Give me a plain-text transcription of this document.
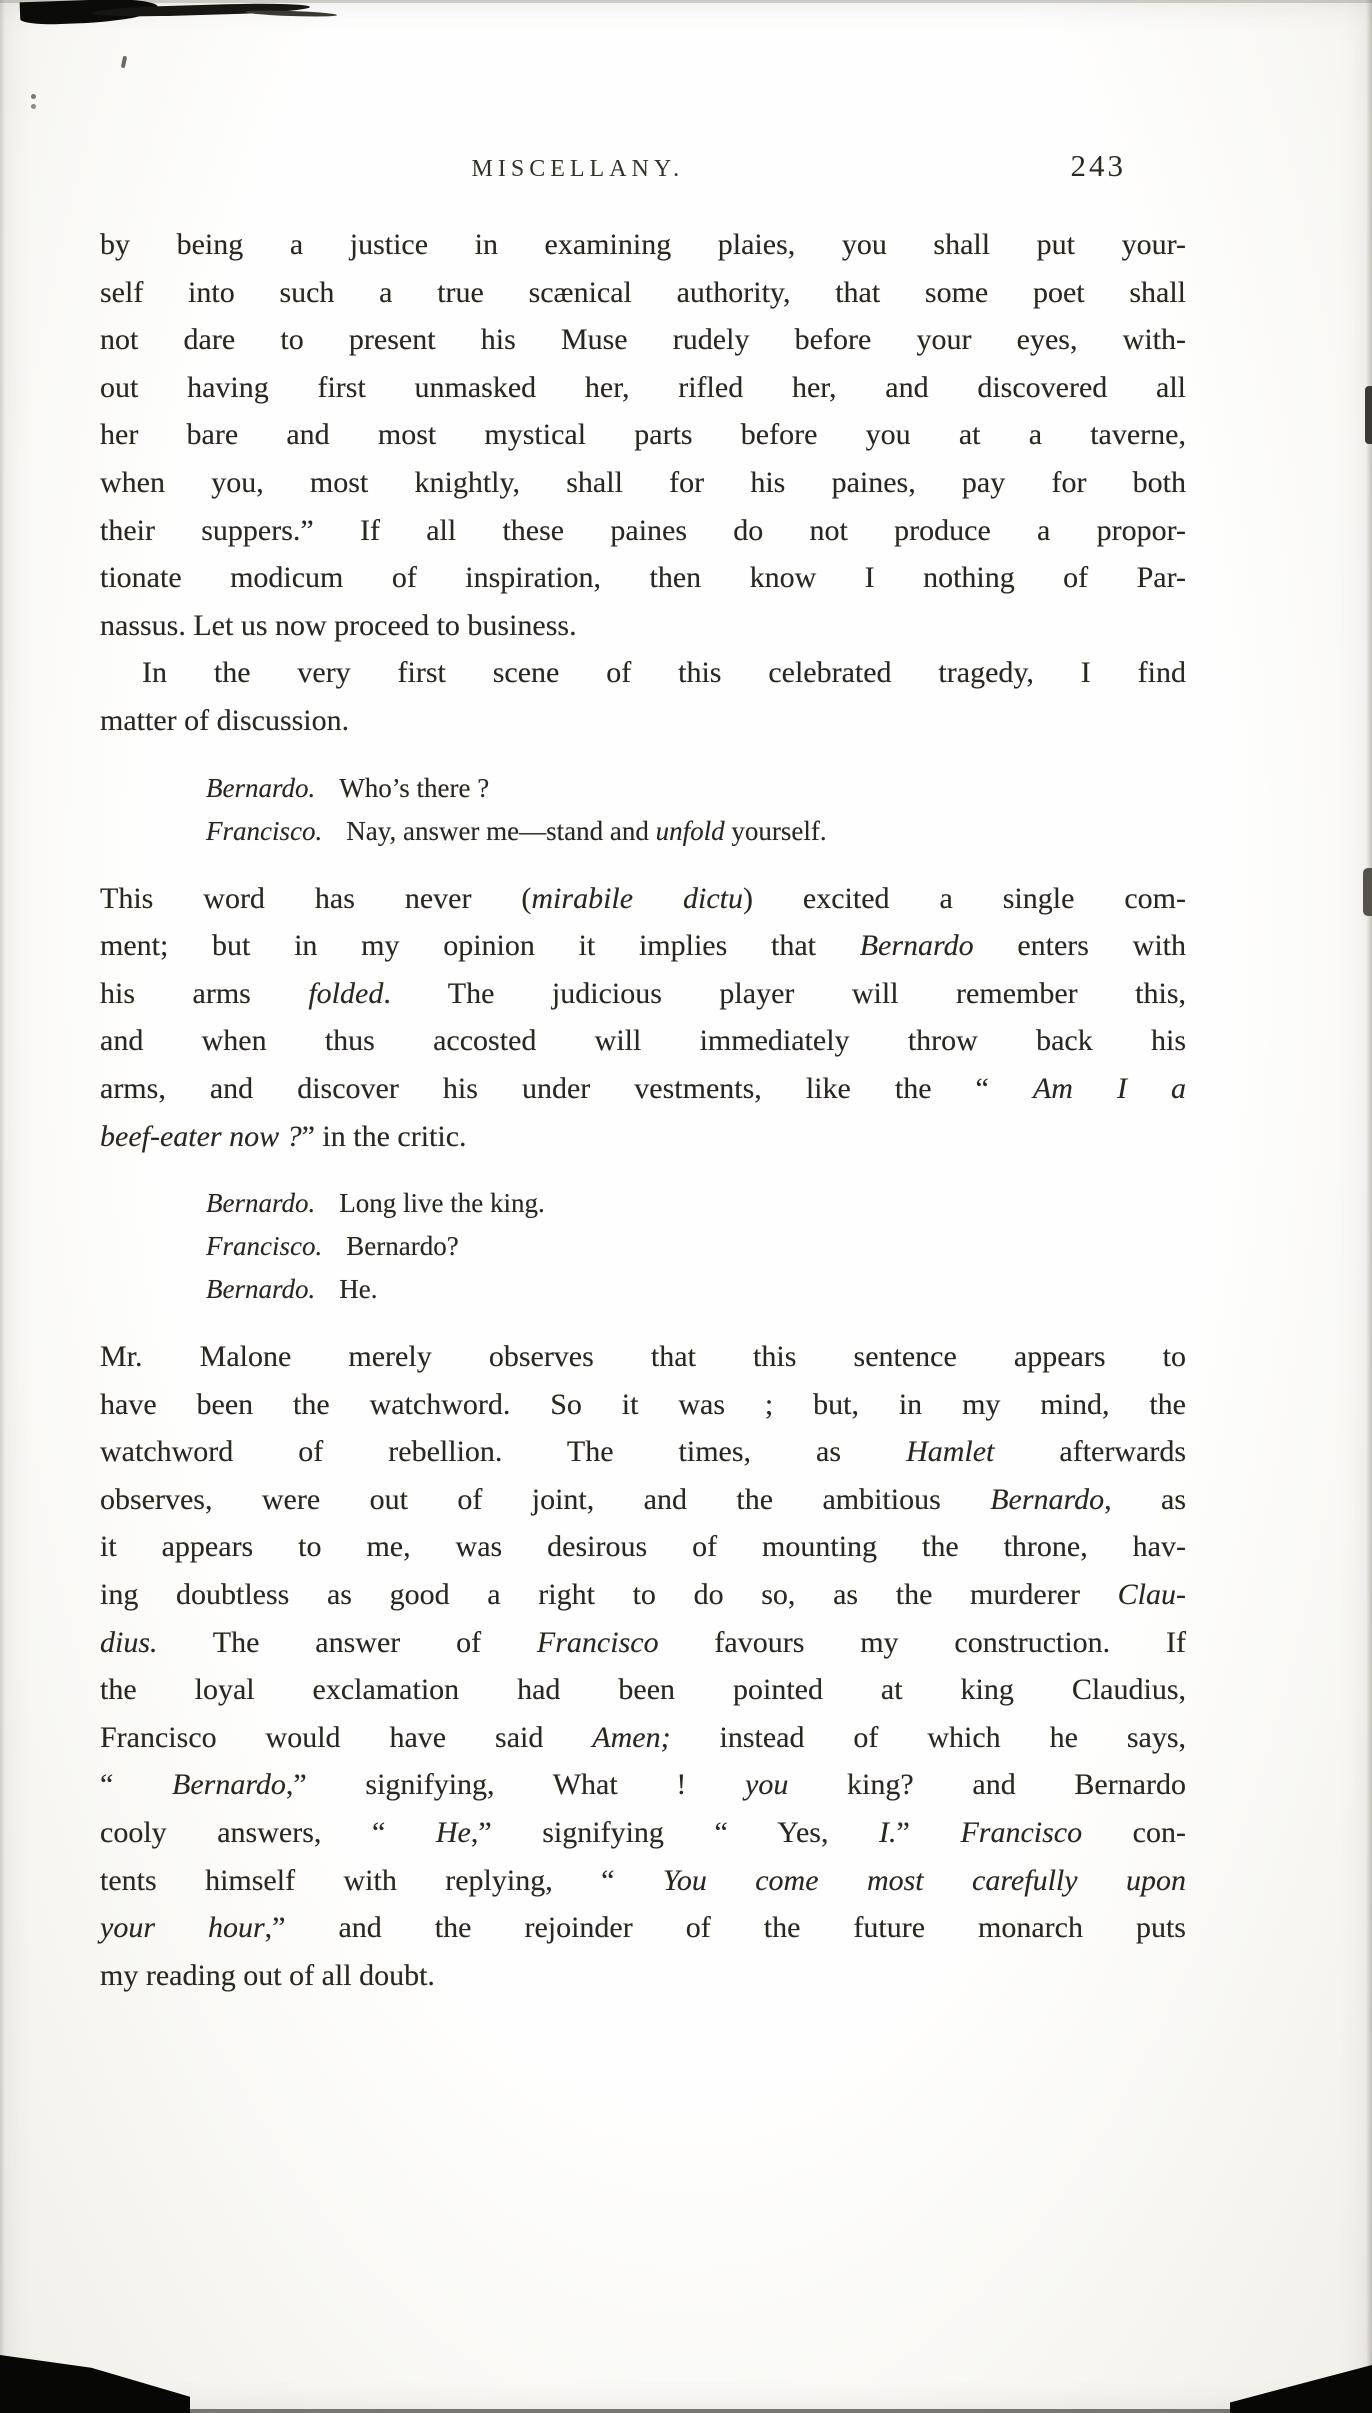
MISCELLANY.	243
by being a justice in examining plaies, you shall put your-
self into such a true scænical authority, that some poet shall
not dare to present his Muse rudely before your eyes, with-
out having first unmasked her, rifled her, and discovered all
her bare and most mystical parts before you at a taverne,
when you, most knightly, shall for his paines, pay for both
their suppers.” If all these paines do not produce a propor-
tionate modicum of inspiration, then know I nothing of Par-
nassus. Let us now proceed to business.
In the very first scene of this celebrated tragedy, I find
matter of discussion.
Bernardo. Who’s there ?
Francisco. Nay, answer me—stand and unfold yourself.
This word has never (mirabile dictu) excited a single com-
ment; but in my opinion it implies that Bernardo enters with
his arms folded. The judicious player will remember this,
and when thus accosted will immediately throw back his
arms, and discover his under vestments, like the “ Am I a
beef-eater now ?” in the critic.
Bernardo. Long live the king.
Francisco. Bernardo?
Bernardo. He.
Mr. Malone merely observes that this sentence appears to
have been the watchword. So it was ; but, in my mind, the
watchword of rebellion. The times, as Hamlet afterwards
observes, were out of joint, and the ambitious Bernardo, as
it appears to me, was desirous of mounting the throne, hav-
ing doubtless as good a right to do so, as the murderer Clau-
dius. The answer of Francisco favours my construction. If
the loyal exclamation had been pointed at king Claudius,
Francisco would have said Amen; instead of which he says,
“ Bernardo,” signifying, What ! you king? and Bernardo
cooly answers, “ He,” signifying “ Yes, I.” Francisco con-
tents himself with replying, “ You come most carefully upon
your hour,” and the rejoinder of the future monarch puts
my reading out of all doubt.
